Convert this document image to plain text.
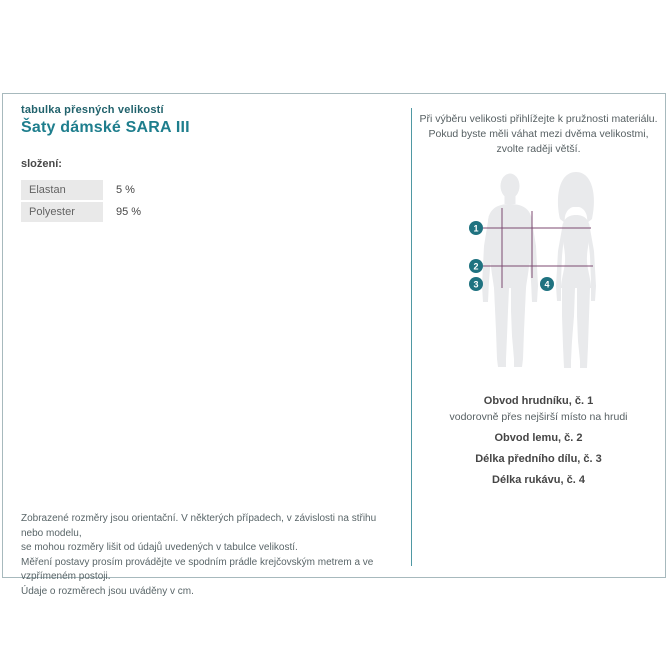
tabulka přesných velikostí
Šaty dámské SARA III
složení:
Elastan	5 %
Polyester	95 %
Zobrazené rozměry jsou orientační. V některých případech, v závislosti na střihu nebo modelu,
se mohou rozměry lišit od údajů uvedených v tabulce velikostí.
Měření postavy prosím provádějte ve spodním prádle krejčovským metrem a ve vzpřímeném postoji.
Údaje o rozměrech jsou uváděny v cm.
Při výběru velikosti přihlížejte k pružnosti materiálu.
Pokud byste měli váhat mezi dvěma velikostmi,
zvolte raději větší.
1
2
3	4
Obvod hrudníku, č. 1
vodorovně přes nejširší místo na hrudi
Obvod lemu, č. 2
Délka předního dílu, č. 3
Délka rukávu, č. 4
